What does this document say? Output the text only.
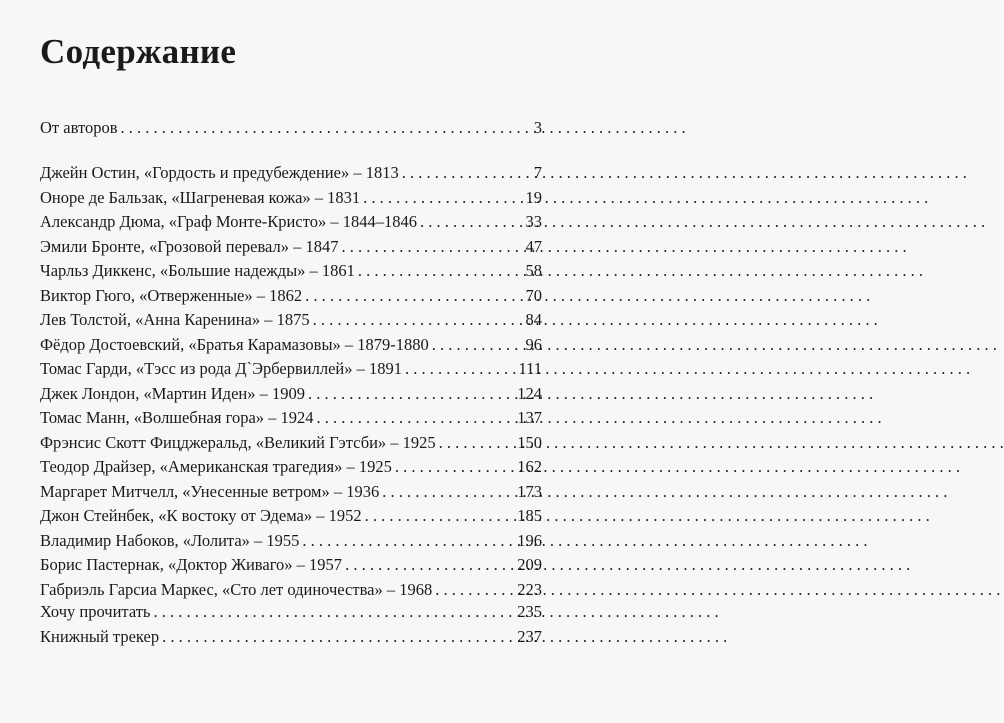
Содержание
От авторов . . .	3
Джейн Остин, «Гордость и предубеждение» – 1813 . . .	7
Оноре де Бальзак, «Шагреневая кожа» – 1831 . . .	19
Александр Дюма, «Граф Монте-Кристо» – 1844–1846 . . .	33
Эмили Бронте, «Грозовой перевал» – 1847 . . .	47
Чарльз Диккенс, «Большие надежды» – 1861 . . .	58
Виктор Гюго, «Отверженные» – 1862 . . .	70
Лев Толстой, «Анна Каренина» – 1875 . . .	84
Фёдор Достоевский, «Братья Карамазовы» – 1879-1880 . . .	96
Томас Гарди, «Тэсс из рода Д`Эрбервиллей» – 1891 . . .	111
Джек Лондон, «Мартин Иден» – 1909 . . .	124
Томас Манн, «Волшебная гора» – 1924 . . .	137
Фрэнсис Скотт Фицджеральд, «Великий Гэтсби» – 1925 . . .	150
Теодор Драйзер, «Американская трагедия» – 1925 . . .	162
Маргарет Митчелл, «Унесенные ветром» – 1936 . . .	173
Джон Стейнбек, «К востоку от Эдема» – 1952 . . .	185
Владимир Набоков, «Лолита» – 1955 . . .	196
Борис Пастернак, «Доктор Живаго» – 1957 . . .	209
Габриэль Гарсиа Маркес, «Сто лет одиночества» – 1968 . . .	223
Хочу прочитать . . .	235
Книжный трекер . . .	237
